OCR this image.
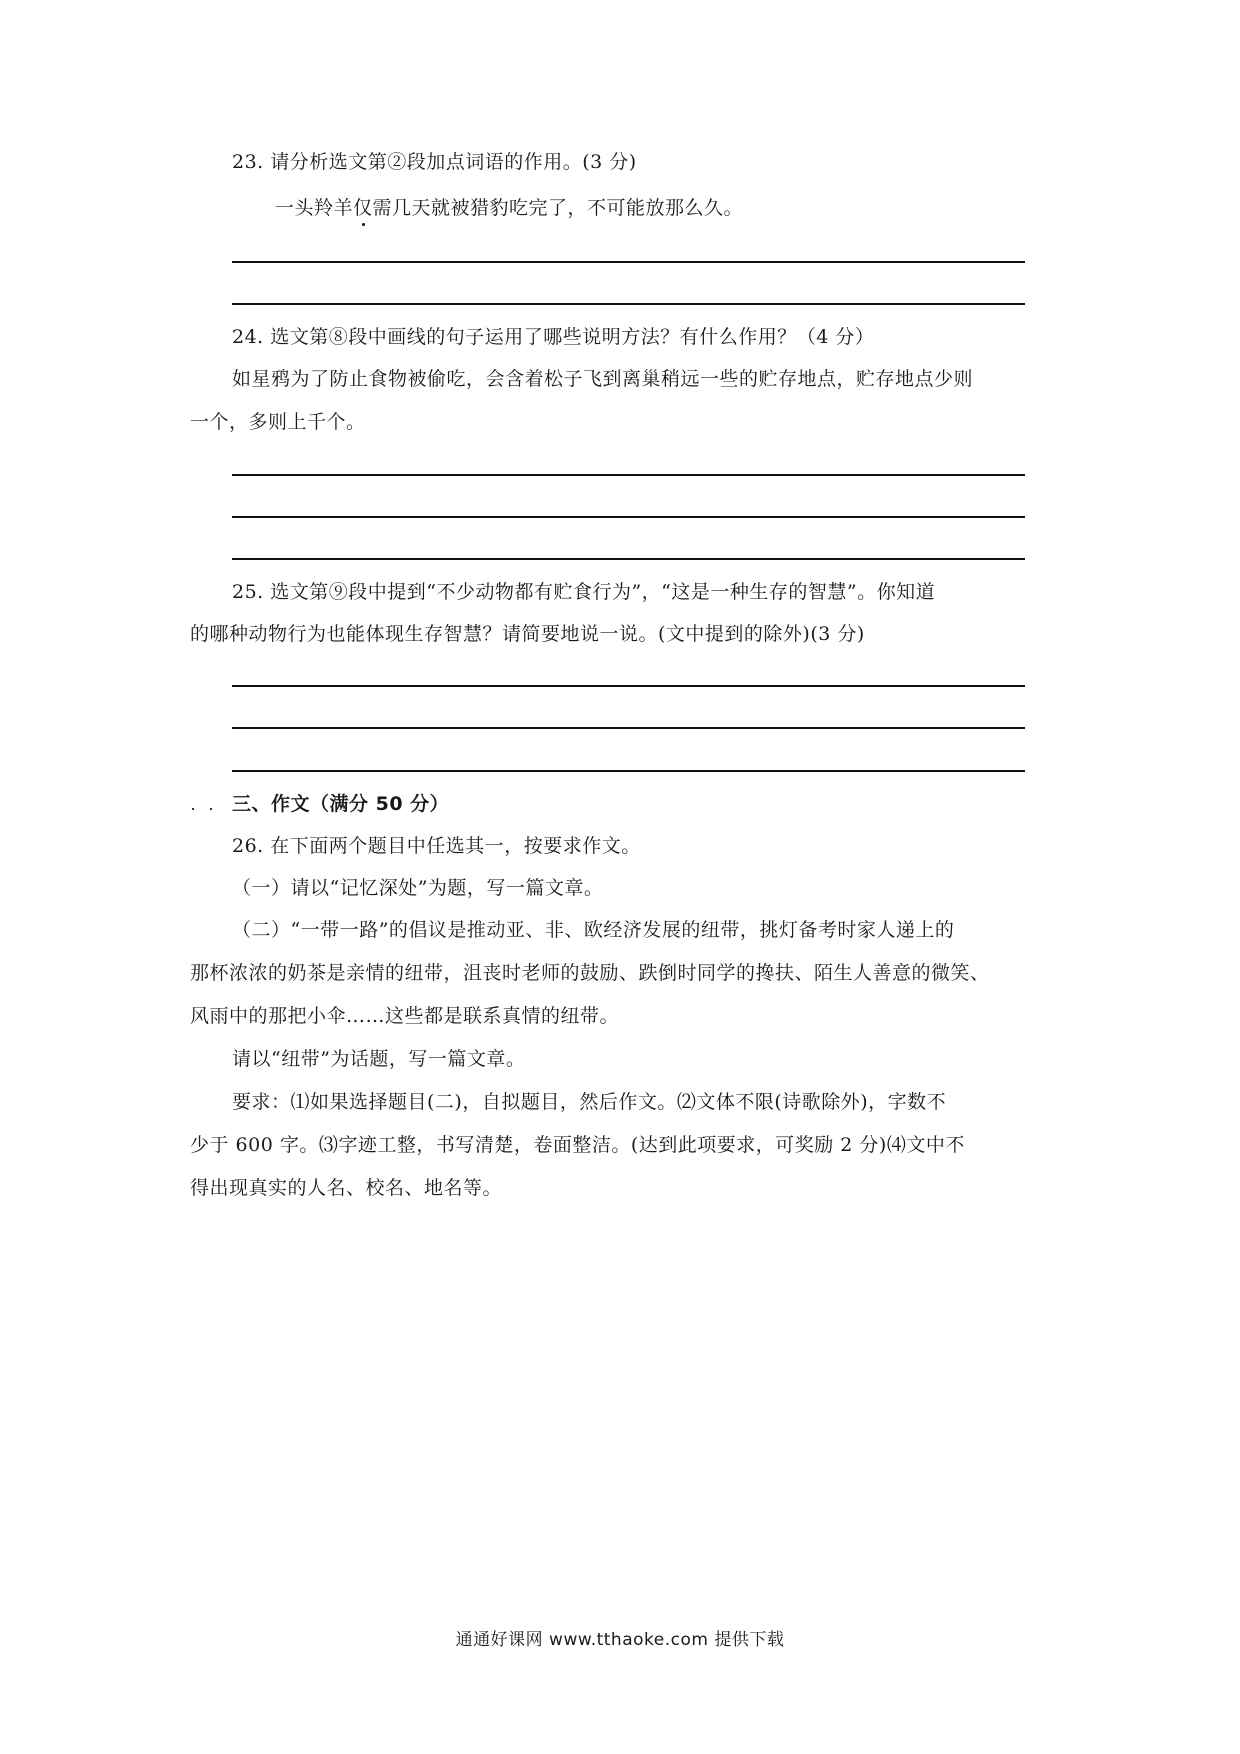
23. 请分析选文第②段加点词语的作用。(3 分)
一头羚羊仅需几天就被猎豹吃完了，不可能放那么久。
24. 选文第⑧段中画线的句子运用了哪些说明方法？有什么作用？（4 分）
如星鸦为了防止食物被偷吃，会含着松子飞到离巢稍远一些的贮存地点，贮存地点少则
一个，多则上千个。
25. 选文第⑨段中提到“不少动物都有贮食行为”，“这是一种生存的智慧”。你知道
的哪种动物行为也能体现生存智慧？请简要地说一说。(文中提到的除外)(3 分)
三、作文（满分 50 分）
26. 在下面两个题目中任选其一，按要求作文。
（一）请以“记忆深处”为题，写一篇文章。
（二）“一带一路”的倡议是推动亚、非、欧经济发展的纽带，挑灯备考时家人递上的
那杯浓浓的奶茶是亲情的纽带，沮丧时老师的鼓励、跌倒时同学的搀扶、陌生人善意的微笑、
风雨中的那把小伞……这些都是联系真情的纽带。
请以“纽带”为话题，写一篇文章。
要求：⑴如果选择题目(二)，自拟题目，然后作文。⑵文体不限(诗歌除外)，字数不
少于 600 字。⑶字迹工整，书写清楚，卷面整洁。(达到此项要求，可奖励 2 分)⑷文中不
得出现真实的人名、校名、地名等。
通通好课网 www.tthaoke.com 提供下载
